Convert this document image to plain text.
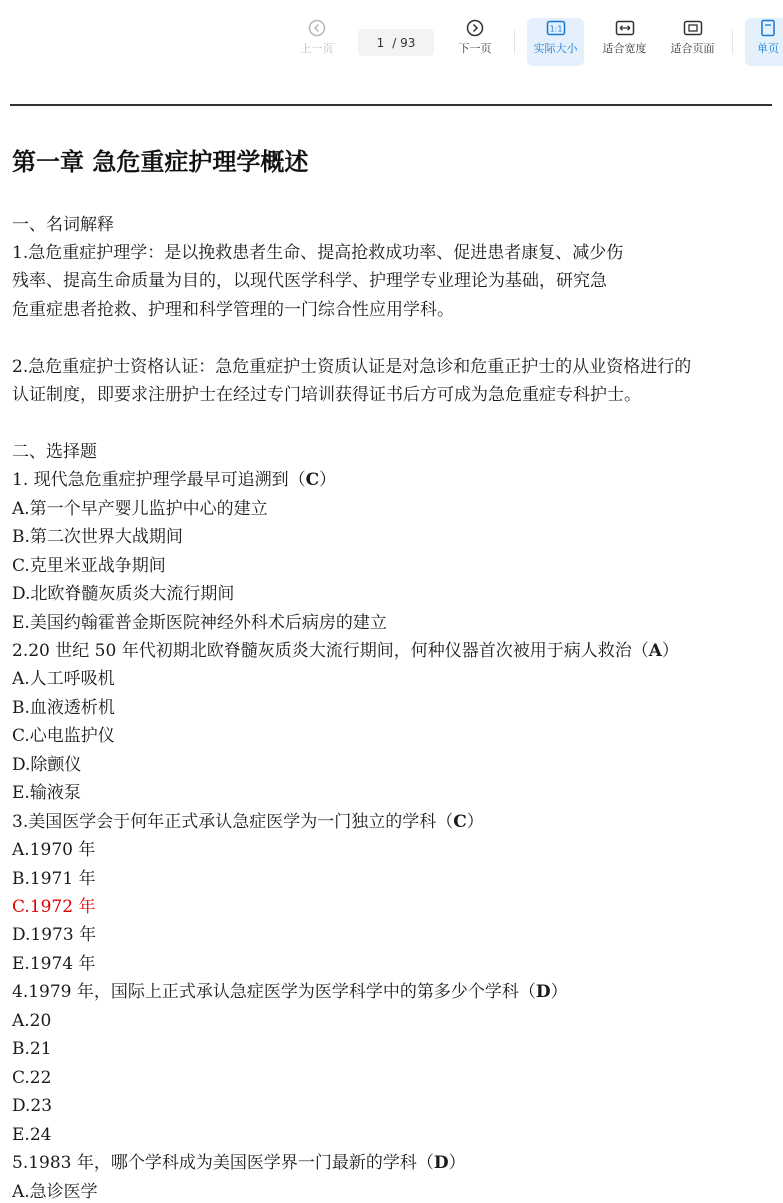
上一页	1 / 93	下一页
1:1
实际大小 适合宽度 适合页面	单页
第一章 急危重症护理学概述
一、名词解释
1.急危重症护理学：是以挽救患者生命、提高抢救成功率、促进患者康复、减少伤
残率、提高生命质量为目的，以现代医学科学、护理学专业理论为基础，研究急
危重症患者抢救、护理和科学管理的一门综合性应用学科。
2.急危重症护士资格认证：急危重症护士资质认证是对急诊和危重正护士的从业资格进行的
认证制度，即要求注册护士在经过专门培训获得证书后方可成为急危重症专科护士。
二、选择题
1. 现代急危重症护理学最早可追溯到（C）
A.第一个早产婴儿监护中心的建立
B.第二次世界大战期间
C.克里米亚战争期间
D.北欧脊髓灰质炎大流行期间
E.美国约翰霍普金斯医院神经外科术后病房的建立
2.20 世纪 50 年代初期北欧脊髓灰质炎大流行期间，何种仪器首次被用于病人救治（A）
A.人工呼吸机
B.血液透析机
C.心电监护仪
D.除颤仪
E.输液泵
3.美国医学会于何年正式承认急症医学为一门独立的学科（C）
A.1970 年
B.1971 年
C.1972 年
D.1973 年
E.1974 年
4.1979 年，国际上正式承认急症医学为医学科学中的第多少个学科（D）
A.20
B.21
C.22
D.23
E.24
5.1983 年，哪个学科成为美国医学界一门最新的学科（D）
A.急诊医学
